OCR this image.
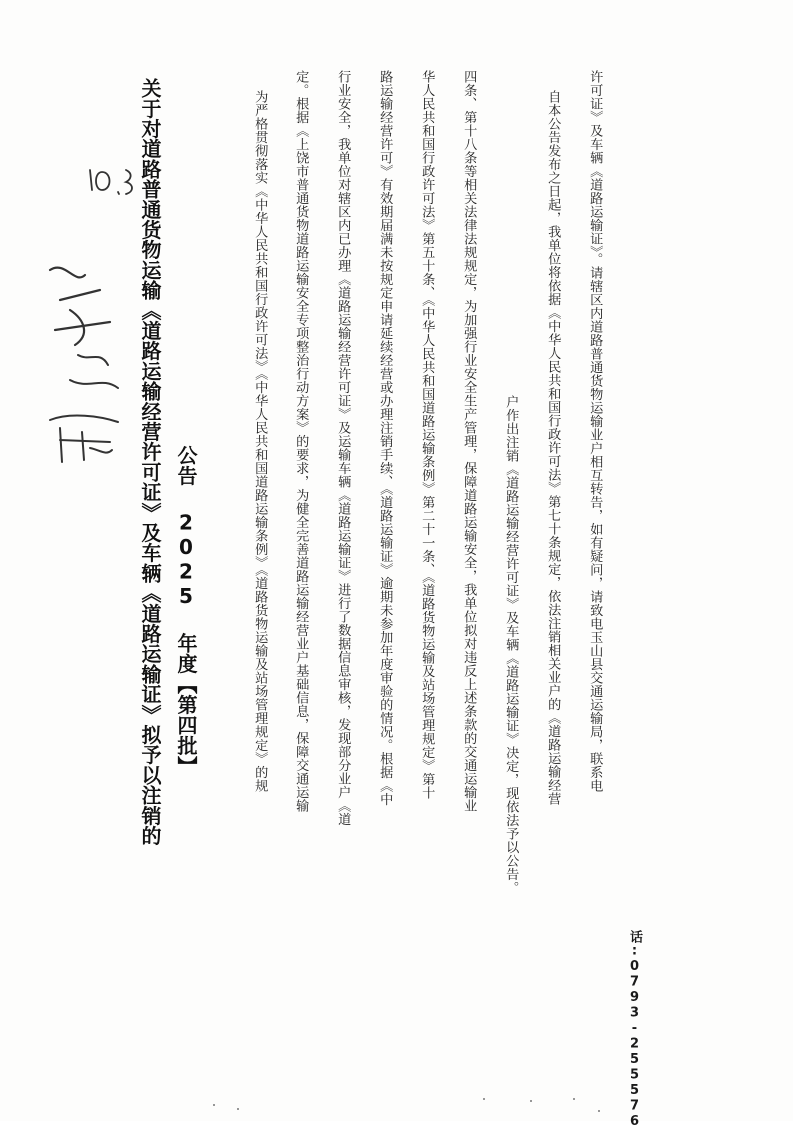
关于对道路普通货物运输《道路运输经营许可证》及车辆《道路运输证》拟予以注销的 公告 2025 年度【第四批】	为严格贯彻落实《中华人民共和国行政许可法》《中华人民共和国道路运输条例》《道路货物运输及站场管理规定》的规 定。根据《上饶市普通货物道路运输安全专项整治行动方案》的要求，为健全完善道路运输经营业户基础信息，保障交通运输 行业安全，我单位对辖区内已办理《道路运输经营许可证》及运输车辆《道路运输证》进行了数据信息审核，发现部分业户《道 路运输经营许可》有效期届满未按规定申请延续经营或办理注销手续、《道路运输证》逾期未参加年度审验的情况。根据《中 华人民共和国行政许可法》第五十条、《中华人民共和国道路运输条例》第二十一条、《道路货物运输及站场管理规定》第十 四条、第十八条等相关法律法规规定，为加强行业安全生产管理，保障道路运输安全，我单位拟对违反上述条款的交通运输业 户作出注销《道路运输经营许可证》及车辆《道路运输证》决定，现依法予以公告。 自本公告发布之日起，我单位将依据《中华人民共和国行政许可法》第七十条规定，依法注销相关业户的《道路运输经营 许可证》及车辆《道路运输证》。请辖区内道路普通货物运输业户相互转告，如有疑问，请致电玉山县交通运输局，联系电
话:0793-255576
